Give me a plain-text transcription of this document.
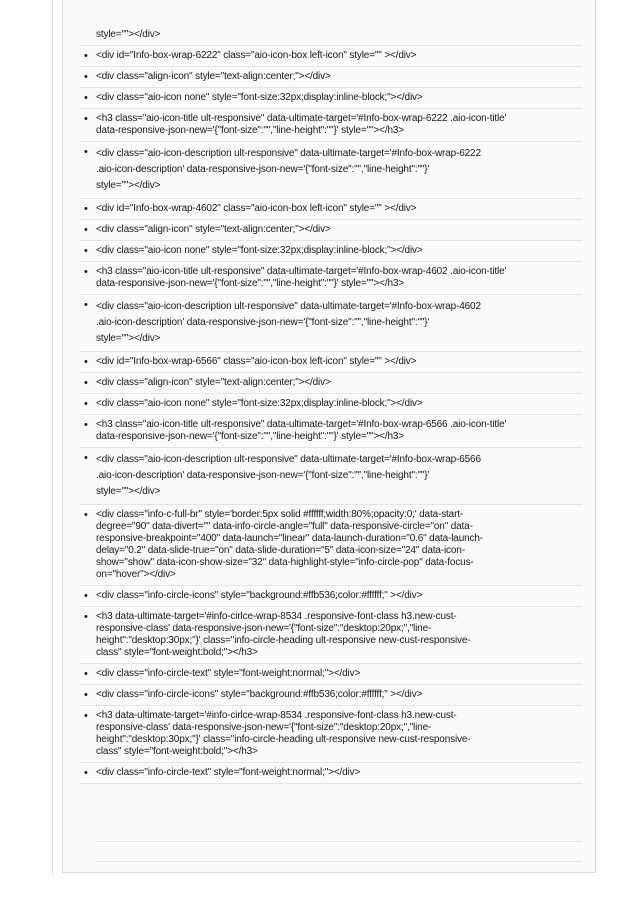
style=""></div>
• <div id="Info-box-wrap-6222" class="aio-icon-box left-icon" style="" ></div>
• <div class="align-icon" style="text-align:center;"></div>
• <div class="aio-icon none" style="font-size:32px;display:inline-block;"></div>
• <h3 class="aio-icon-title ult-responsive" data-ultimate-target='#Info-box-wrap-6222 .aio-icon-title'
data-responsive-json-new='{"font-size":"","line-height":""}' style=""></h3>
• <div class="aio-icon-description ult-responsive" data-ultimate-target='#Info-box-wrap-6222
.aio-icon-description' data-responsive-json-new='{"font-size":"","line-height":""}'
style=""></div>
• <div id="Info-box-wrap-4602" class="aio-icon-box left-icon" style="" ></div>
• <div class="align-icon" style="text-align:center;"></div>
• <div class="aio-icon none" style="font-size:32px;display:inline-block;"></div>
• <h3 class="aio-icon-title ult-responsive" data-ultimate-target='#Info-box-wrap-4602 .aio-icon-title'
data-responsive-json-new='{"font-size":"","line-height":""}' style=""></h3>
• <div class="aio-icon-description ult-responsive" data-ultimate-target='#Info-box-wrap-4602
.aio-icon-description' data-responsive-json-new='{"font-size":"","line-height":""}'
style=""></div>
• <div id="Info-box-wrap-6566" class="aio-icon-box left-icon" style="" ></div>
• <div class="align-icon" style="text-align:center;"></div>
• <div class="aio-icon none" style="font-size:32px;display:inline-block;"></div>
• <h3 class="aio-icon-title ult-responsive" data-ultimate-target='#Info-box-wrap-6566 .aio-icon-title'
data-responsive-json-new='{"font-size":"","line-height":""}' style=""></h3>
• <div class="aio-icon-description ult-responsive" data-ultimate-target='#Info-box-wrap-6566
.aio-icon-description' data-responsive-json-new='{"font-size":"","line-height":""}'
style=""></div>
• <div class="info-c-full-br" style='border:5px solid #ffffff;width:80%;opacity:0;' data-start-
degree="90" data-divert="" data-info-circle-angle="full" data-responsive-circle="on" data-
responsive-breakpoint="400" data-launch="linear" data-launch-duration="0.6" data-launch-
delay="0.2" data-slide-true="on" data-slide-duration="5" data-icon-size="24" data-icon-
show="show" data-icon-show-size="32" data-highlight-style="info-circle-pop" data-focus-
on="hover"></div>
• <div class="info-circle-icons" style="background:#ffb536;color:#ffffff;" ></div>
• <h3 data-ultimate-target='#info-cirlce-wrap-8534 .responsive-font-class h3.new-cust-
responsive-class' data-responsive-json-new='{"font-size":"desktop:20px;","line-
height":"desktop:30px;"}' class="info-circle-heading ult-responsive new-cust-responsive-
class" style="font-weight:bold;"></h3>
• <div class="info-circle-text" style="font-weight:normal;"></div>
• <div class="info-circle-icons" style="background:#ffb536;color:#ffffff;" ></div>
• <h3 data-ultimate-target='#info-cirlce-wrap-8534 .responsive-font-class h3.new-cust-
responsive-class' data-responsive-json-new='{"font-size":"desktop:20px;","line-
height":"desktop:30px;"}' class="info-circle-heading ult-responsive new-cust-responsive-
class" style="font-weight:bold;"></h3>
• <div class="info-circle-text" style="font-weight:normal;"></div>
